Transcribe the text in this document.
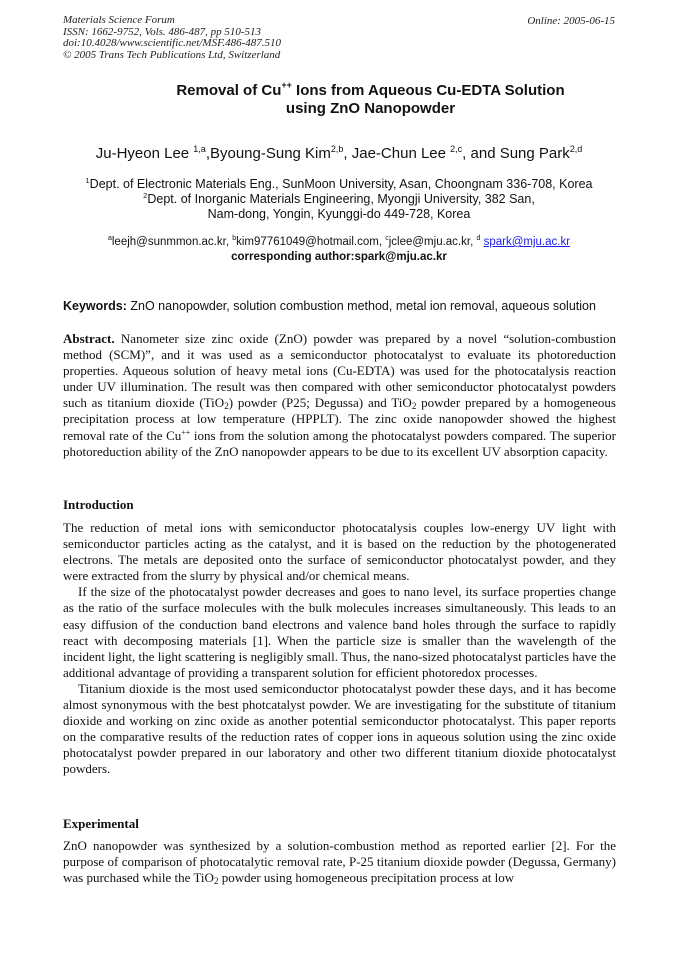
Materials Science Forum
ISSN: 1662-9752, Vols. 486-487, pp 510-513
doi:10.4028/www.scientific.net/MSF.486-487.510
© 2005 Trans Tech Publications Ltd, Switzerland
Online: 2005-06-15
Removal of Cu++ Ions from Aqueous Cu-EDTA Solution
using ZnO Nanopowder
Ju-Hyeon Lee $^{1,a}$,Byoung-Sung Kim$^{2,b}$, Jae-Chun Lee $^{2,c}$, and Sung Park$^{2,d}$
$^1$Dept. of Electronic Materials Eng., SunMoon University, Asan, Choongnam 336-708, Korea
$^2$Dept. of Inorganic Materials Engineering, Myongji University, 382 San,
Nam-dong, Yongin, Kyunggi-do 449-728, Korea
$^a$leejh@sunmmon.ac.kr, $^b$kim97761049@hotmail.com, $^c$jclee@mju.ac.kr, $^d$ spark@mju.ac.kr
corresponding author:spark@mju.ac.kr
Keywords: ZnO nanopowder, solution combustion method, metal ion removal, aqueous solution

Abstract. Nanometer size zinc oxide (ZnO) powder was prepared by a novel “solution-combustion method (SCM)”, and it was used as a semiconductor photocatalyst to evaluate its photoreduction properties. Aqueous solution of heavy metal ions (Cu-EDTA) was used for the photocatalysis reaction under UV illumination. The result was then compared with other semiconductor photocatalyst powders such as titanium dioxide (TiO$_2$) powder (P25; Degussa) and TiO$_2$ powder prepared by a homogeneous precipitation process at low temperature (HPPLT). The zinc oxide nanopowder showed the highest removal rate of the Cu++ ions from the solution among the photocatalyst powders compared. The superior photoreduction ability of the ZnO nanopowder appears to be due to its excellent UV absorption capacity.

Introduction

The reduction of metal ions with semiconductor photocatalysis couples low-energy UV light with semiconductor particles acting as the catalyst, and it is based on the reduction by the photogenerated electrons. The metals are deposited onto the surface of semiconductor photocatalyst powder, and they were extracted from the slurry by physical and/or chemical means.

If the size of the photocatalyst powder decreases and goes to nano level, its surface properties change as the ratio of the surface molecules with the bulk molecules increases simultaneously. This leads to an easy diffusion of the conduction band electrons and valence band holes through the surface to rapidly react with decomposing materials [1]. When the particle size is smaller than the wavelength of the incident light, the light scattering is negligibly small. Thus, the nano-sized photocatalyst particles have the additional advantage of providing a transparent solution for efficient photoredox processes.

Titanium dioxide is the most used semiconductor photocatalyst powder these days, and it has become almost synonymous with the best photcatalyst powder. We are investigating for the substitute of titanium dioxide and working on zinc oxide as another potential semiconductor photocatalyst. This paper reports on the comparative results of the reduction rates of copper ions in aqueous solution using the zinc oxide photocatalyst powder prepared in our laboratory and other two different titanium dioxide photocatalyst powders.

Experimental

ZnO nanopowder was synthesized by a solution-combustion method as reported earlier [2]. For the purpose of comparison of photocatalytic removal rate, P-25 titanium dioxide powder (Degussa, Germany) was purchased while the TiO$_2$ powder using homogeneous precipitation process at low
